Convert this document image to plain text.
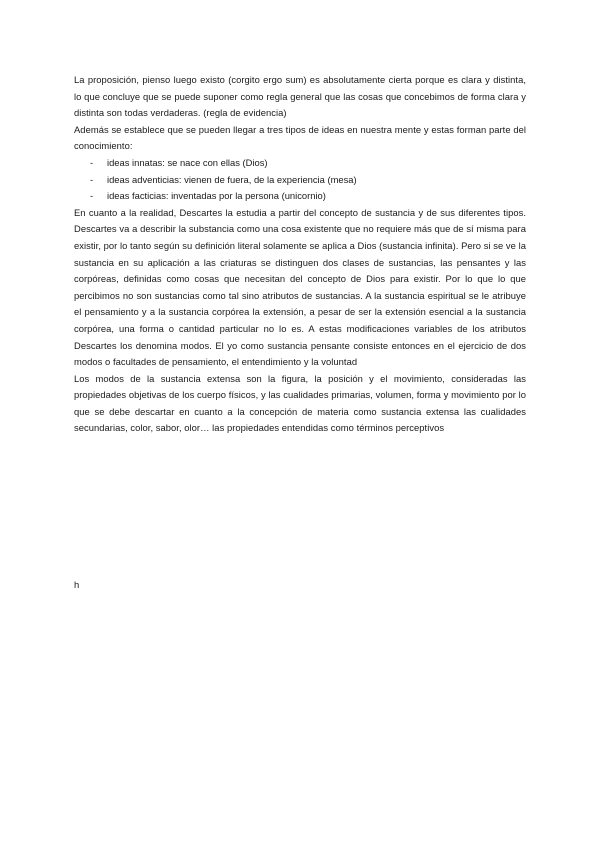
La proposición, pienso luego existo (corgito ergo sum) es absolutamente cierta porque es clara y distinta, lo que concluye que se puede suponer como regla general que las cosas que concebimos de forma clara y distinta son todas verdaderas. (regla de evidencia)

Además se establece que se pueden llegar a tres tipos de ideas en nuestra mente y estas forman parte del conocimiento:

-	ideas innatas: se nace con ellas (Dios)
-	ideas adventicias: vienen de fuera, de la experiencia (mesa)
-	ideas facticias: inventadas por la persona (unicornio)

En cuanto a la realidad, Descartes la estudia a partir del concepto de sustancia y de sus diferentes tipos. Descartes va a describir la substancia como una cosa existente que no requiere más que de sí misma para existir, por lo tanto según su definición literal solamente se aplica a Dios (sustancia infinita). Pero si se ve la sustancia en su aplicación a las criaturas se distinguen dos clases de sustancias, las pensantes y las corpóreas, definidas como cosas que necesitan del concepto de Dios para existir. Por lo que lo que percibimos no son sustancias como tal sino atributos de sustancias. A la sustancia espiritual se le atribuye el pensamiento y a la sustancia corpórea la extensión, a pesar de ser la extensión esencial a la sustancia corpórea, una forma o cantidad particular no lo es. A estas modificaciones variables de los atributos Descartes los denomina modos. El yo como sustancia pensante consiste entonces en el ejercicio de dos modos o facultades de pensamiento, el entendimiento y la voluntad

Los modos de la sustancia extensa son la figura, la posición y el movimiento, consideradas las propiedades objetivas de los cuerpo físicos, y las cualidades primarias, volumen, forma y movimiento por lo que se debe descartar en cuanto a la concepción de materia como sustancia extensa las cualidades secundarias, color, sabor, olor… las propiedades entendidas como términos perceptivos

h
